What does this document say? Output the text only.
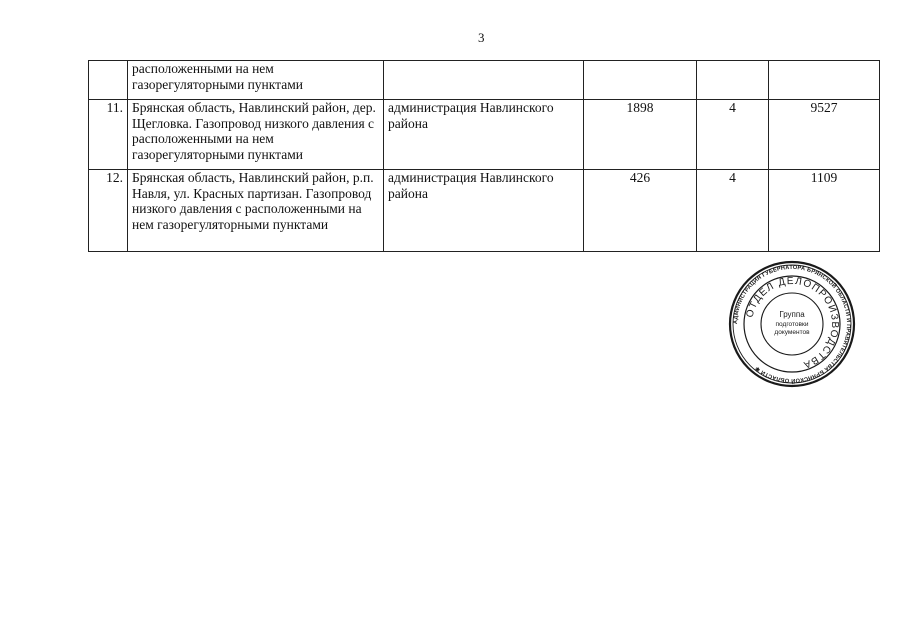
3
	расположенными на нем газорегуляторными пунктами				
11.	Брянская область, Навлинский район, дер. Щегловка. Газопровод низкого давления с расположенными на нем газорегуляторными пунктами	администрация Навлинского района	1898	4	9527
12.	Брянская область, Навлинский район, р.п. Навля, ул. Красных партизан. Газопровод низкого давления с расположенными на нем газорегуляторными пунктами	администрация Навлинского района	426	4	1109
АДМИНИСТРАЦИЯ ГУБЕРНАТОРА БРЯНСКОЙ ОБЛАСТИ И ПРАВИТЕЛЬСТВА БРЯНСКОЙ ОБЛАСТИ ✱
ОТДЕЛ ДЕЛОПРОИЗВОДСТВА
Группа
подготовки
документов
